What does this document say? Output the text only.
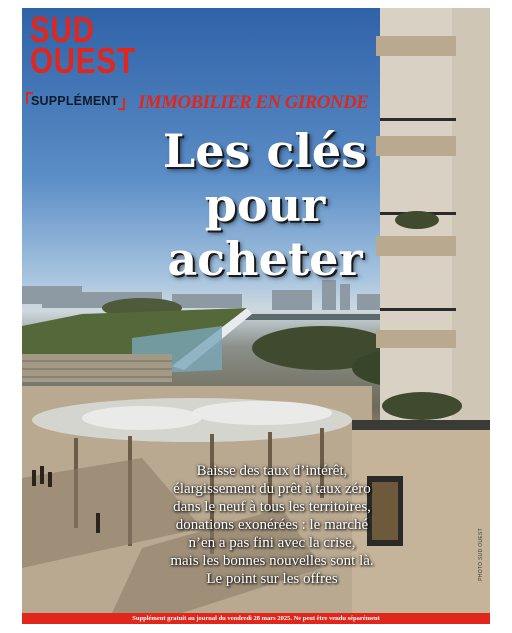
SUD
OUEST
SUPPLÉMENT IMMOBILIER EN GIRONDE
Les clés
pour
acheter
Baisse des taux d’intérêt,
élargissement du prêt à taux zéro
dans le neuf à tous les territoires,
donations exonérées : le marché
n’en a pas fini avec la crise,
mais les bonnes nouvelles sont là.
Le point sur les offres	PHOTO SUD OUEST
Supplément gratuit au journal du vendredi 28 mars 2025. Ne peut être vendu séparément
